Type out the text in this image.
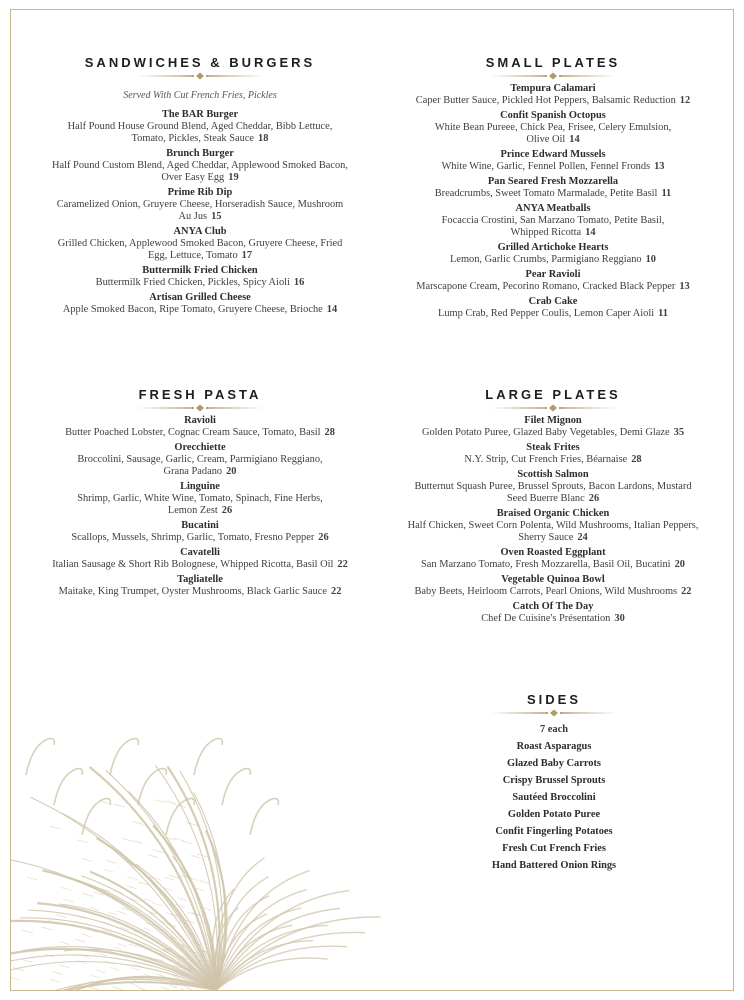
SANDWICHES & BURGERS
Served With Cut French Fries, Pickles
The BAR Burger
Half Pound House Ground Blend, Aged Cheddar, Bibb Lettuce,
Tomato, Pickles, Steak Sauce 18
Brunch Burger
Half Pound Custom Blend, Aged Cheddar, Applewood Smoked Bacon,
Over Easy Egg 19
Prime Rib Dip
Caramelized Onion, Gruyere Cheese, Horseradish Sauce, Mushroom
Au Jus 15
ANYA Club
Grilled Chicken, Applewood Smoked Bacon, Gruyere Cheese, Fried
Egg, Lettuce, Tomato 17
Buttermilk Fried Chicken
Buttermilk Fried Chicken, Pickles, Spicy Aioli 16
Artisan Grilled Cheese
Apple Smoked Bacon, Ripe Tomato, Gruyere Cheese, Brioche 14
SMALL PLATES
Tempura Calamari
Caper Butter Sauce, Pickled Hot Peppers, Balsamic Reduction 12
Confit Spanish Octopus
White Bean Pureee, Chick Pea, Frisee, Celery Emulsion,
Olive Oil 14
Prince Edward Mussels
White Wine, Garlic, Fennel Pollen, Fennel Fronds 13
Pan Seared Fresh Mozzarella
Breadcrumbs, Sweet Tomato Marmalade, Petite Basil 11
ANYA Meatballs
Focaccia Crostini, San Marzano Tomato, Petite Basil,
Whipped Ricotta 14
Grilled Artichoke Hearts
Lemon, Garlic Crumbs, Parmigiano Reggiano 10
Pear Ravioli
Marscapone Cream, Pecorino Romano, Cracked Black Pepper 13
Crab Cake
Lump Crab, Red Pepper Coulis, Lemon Caper Aioli 11
FRESH PASTA
Ravioli
Butter Poached Lobster, Cognac Cream Sauce, Tomato, Basil 28
Orecchiette
Broccolini, Sausage, Garlic, Cream, Parmigiano Reggiano,
Grana Padano 20
Linguine
Shrimp, Garlic, White Wine, Tomato, Spinach, Fine Herbs,
Lemon Zest 26
Bucatini
Scallops, Mussels, Shrimp, Garlic, Tomato, Fresno Pepper 26
Cavatelli
Italian Sausage & Short Rib Bolognese, Whipped Ricotta, Basil Oil 22
Tagliatelle
Maitake, King Trumpet, Oyster Mushrooms, Black Garlic Sauce 22
LARGE PLATES
Filet Mignon
Golden Potato Puree, Glazed Baby Vegetables, Demi Glaze 35
Steak Frites
N.Y. Strip, Cut French Fries, Béarnaise 28
Scottish Salmon
Butternut Squash Puree, Brussel Sprouts, Bacon Lardons, Mustard
Seed Buerre Blanc 26
Braised Organic Chicken
Half Chicken, Sweet Corn Polenta, Wild Mushrooms, Italian Peppers,
Sherry Sauce 24
Oven Roasted Eggplant
San Marzano Tomato, Fresh Mozzarella, Basil Oil, Bucatini 20
Vegetable Quinoa Bowl
Baby Beets, Heirloom Carrots, Pearl Onions, Wild Mushrooms 22
Catch Of The Day
Chef De Cuisine's Présentation 30
SIDES
7 each
Roast Asparagus
Glazed Baby Carrots
Crispy Brussel Sprouts
Sautéed Broccolini
Golden Potato Puree
Confit Fingerling Potatoes
Fresh Cut French Fries
Hand Battered Onion Rings
